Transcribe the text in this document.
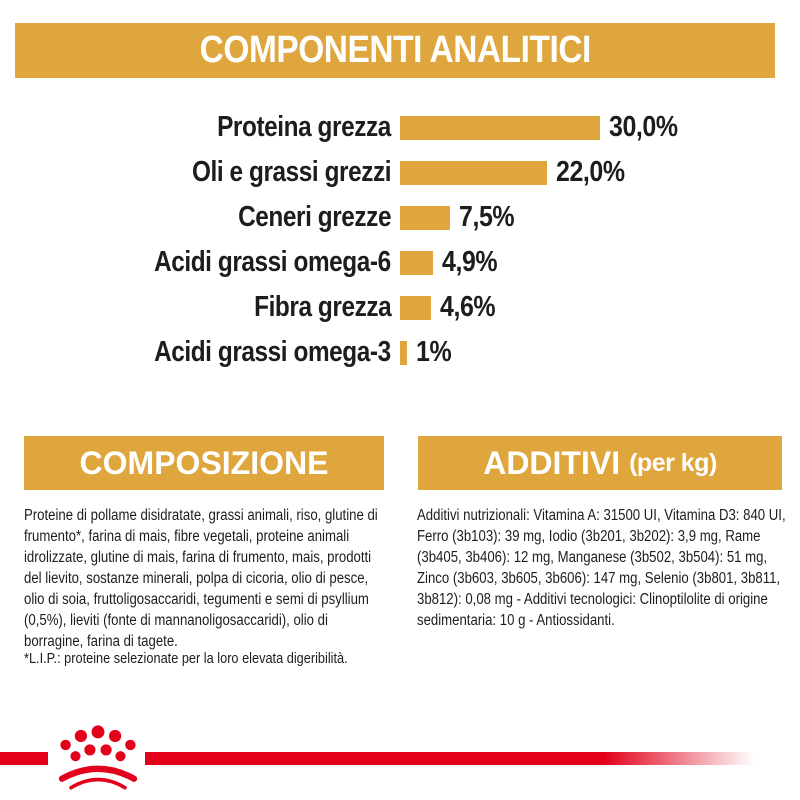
COMPONENTI ANALITICI
Proteina grezza	30,0%
Oli e grassi grezzi	22,0%
Ceneri grezze	7,5%
Acidi grassi omega-6	4,9%
Fibra grezza	4,6%
Acidi grassi omega-3 1%
COMPOSIZIONE
Proteine di pollame disidratate, grassi animali, riso, glutine di frumento*, farina di mais, fibre vegetali, proteine animali idrolizzate, glutine di mais, farina di frumento, mais, prodotti del lievito, sostanze minerali, polpa di cicoria, olio di pesce, olio di soia, fruttoligosaccaridi, tegumenti e semi di psyllium (0,5%), lieviti (fonte di mannanoligosaccaridi), olio di borragine, farina di tagete.
*L.I.P.: proteine selezionate per la loro elevata digeribilità.
ADDITIVI (per kg)
Additivi nutrizionali: Vitamina A: 31500 UI, Vitamina D3: 840 UI, Ferro (3b103): 39 mg, Iodio (3b201, 3b202): 3,9 mg, Rame (3b405, 3b406): 12 mg, Manganese (3b502, 3b504): 51 mg, Zinco (3b603, 3b605, 3b606): 147 mg, Selenio (3b801, 3b811, 3b812): 0,08 mg - Additivi tecnologici: Clinoptilolite di origine sedimentaria: 10 g - Antiossidanti.
